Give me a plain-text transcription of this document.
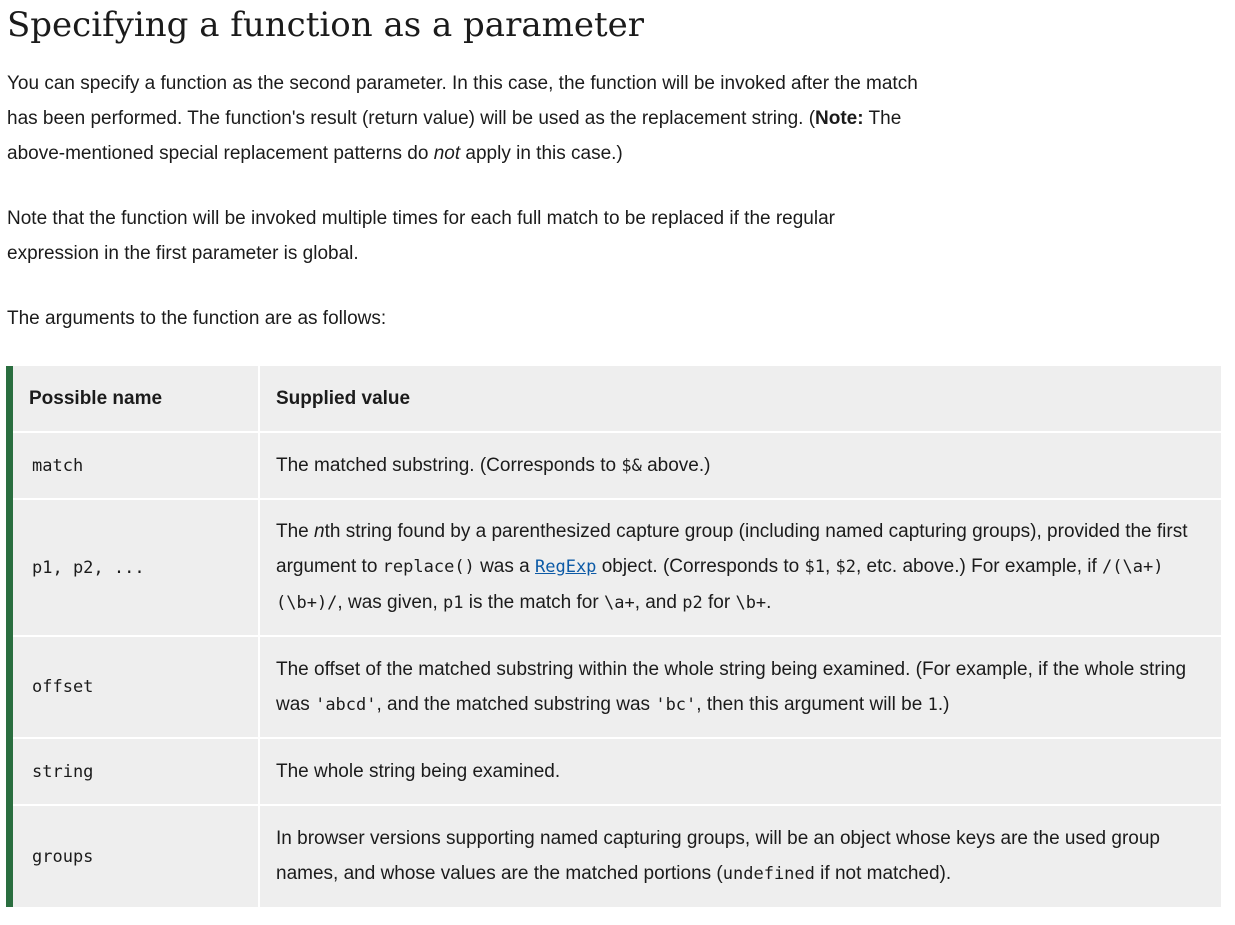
Specifying a function as a parameter

You can specify a function as the second parameter. In this case, the function will be invoked after the match has been performed. The function's result (return value) will be used as the replacement string. (Note: The above-mentioned special replacement patterns do not apply in this case.)

Note that the function will be invoked multiple times for each full match to be replaced if the regular expression in the first parameter is global.

The arguments to the function are as follows:

Possible name	Supplied value
match	The matched substring. (Corresponds to $& above.)
p1, p2, ...	The nth string found by a parenthesized capture group (including named capturing groups), provided the first argument to replace() was a RegExp object. (Corresponds to $1, $2, etc. above.) For example, if /(\a+)(\b+)/, was given, p1 is the match for \a+, and p2 for \b+.
offset	The offset of the matched substring within the whole string being examined. (For example, if the whole string was 'abcd', and the matched substring was 'bc', then this argument will be 1.)
string	The whole string being examined.
groups	In browser versions supporting named capturing groups, will be an object whose keys are the used group names, and whose values are the matched portions (undefined if not matched).
